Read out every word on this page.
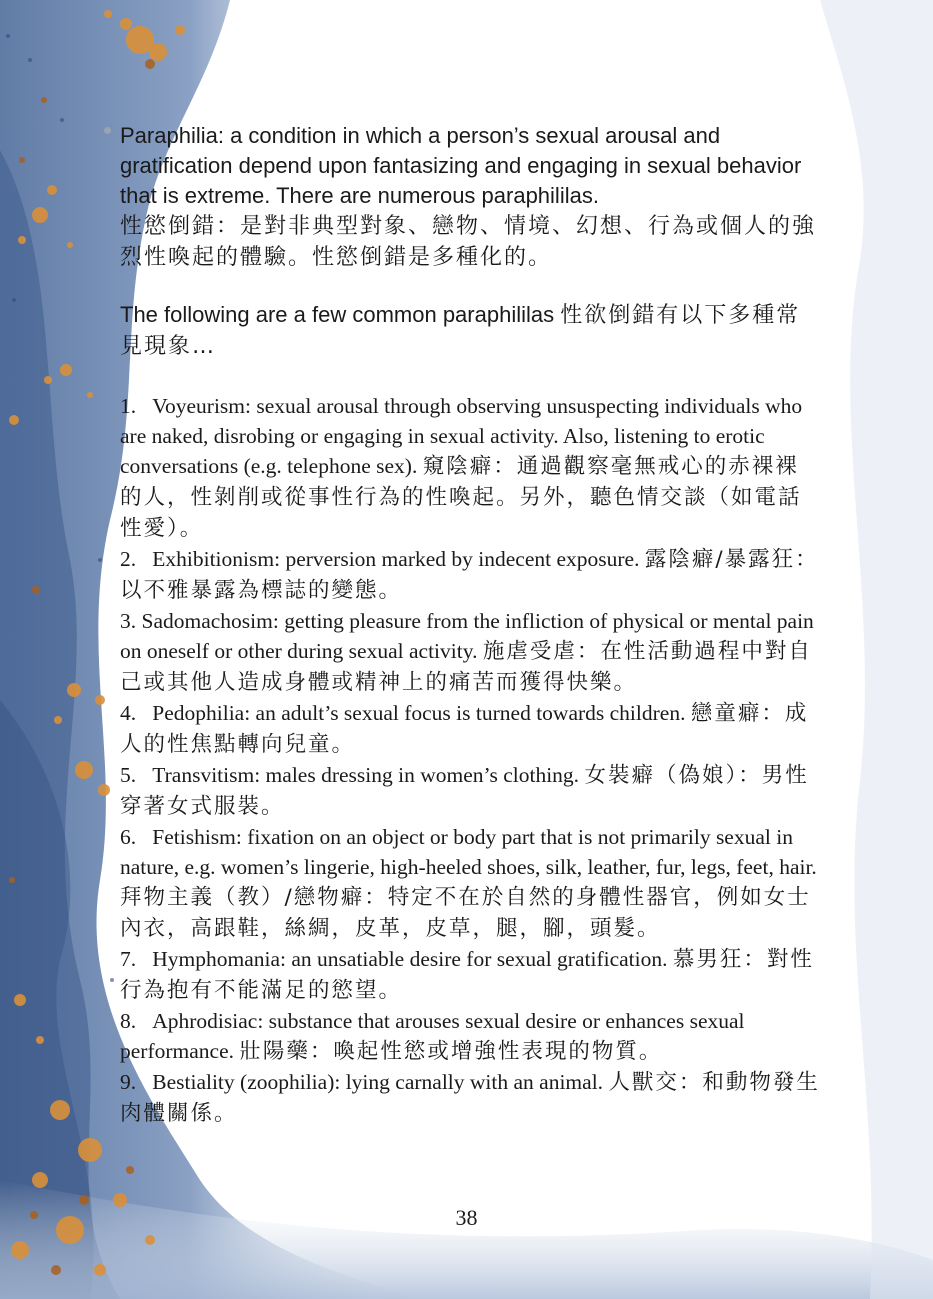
Paraphilia: a condition in which a person’s sexual arousal and gratification depend upon fantasizing and engaging in sexual behavior that is extreme. There are numerous paraphililas.
性慾倒錯：是對非典型對象、戀物、情境、幻想、行為或個人的強烈性喚起的體驗。性慾倒錯是多種化的。

The following are a few common paraphililas 性欲倒錯有以下多種常見現象…

1. Voyeurism: sexual arousal through observing unsuspecting individuals who are naked, disrobing or engaging in sexual activity. Also, listening to erotic conversations (e.g. telephone sex). 窺陰癖：通過觀察毫無戒心的赤裸裸的人，性剝削或從事性行為的性喚起。另外，聽色情交談（如電話性愛）。

2. Exhibitionism: perversion marked by indecent exposure. 露陰癖/暴露狂：以不雅暴露為標誌的變態。

3. Sadomachosim: getting pleasure from the infliction of physical or mental pain on oneself or other during sexual activity. 施虐受虐：在性活動過程中對自己或其他人造成身體或精神上的痛苦而獲得快樂。

4. Pedophilia: an adult’s sexual focus is turned towards children. 戀童癖：成人的性焦點轉向兒童。

5. Transvitism: males dressing in women’s clothing. 女裝癖（偽娘）：男性穿著女式服裝。

6. Fetishism: fixation on an object or body part that is not primarily sexual in nature, e.g. women’s lingerie, high-heeled shoes, silk, leather, fur, legs, feet, hair. 拜物主義（教）/戀物癖：特定不在於自然的身體性器官，例如女士內衣，高跟鞋，絲綢，皮革，皮草，腿，腳，頭髮。

7. Hymphomania: an unsatiable desire for sexual gratification. 慕男狂：對性行為抱有不能滿足的慾望。

8. Aphrodisiac: substance that arouses sexual desire or enhances sexual performance. 壯陽藥：喚起性慾或增強性表現的物質。

9. Bestiality (zoophilia): lying carnally with an animal. 人獸交：和動物發生肉體關係。

38
